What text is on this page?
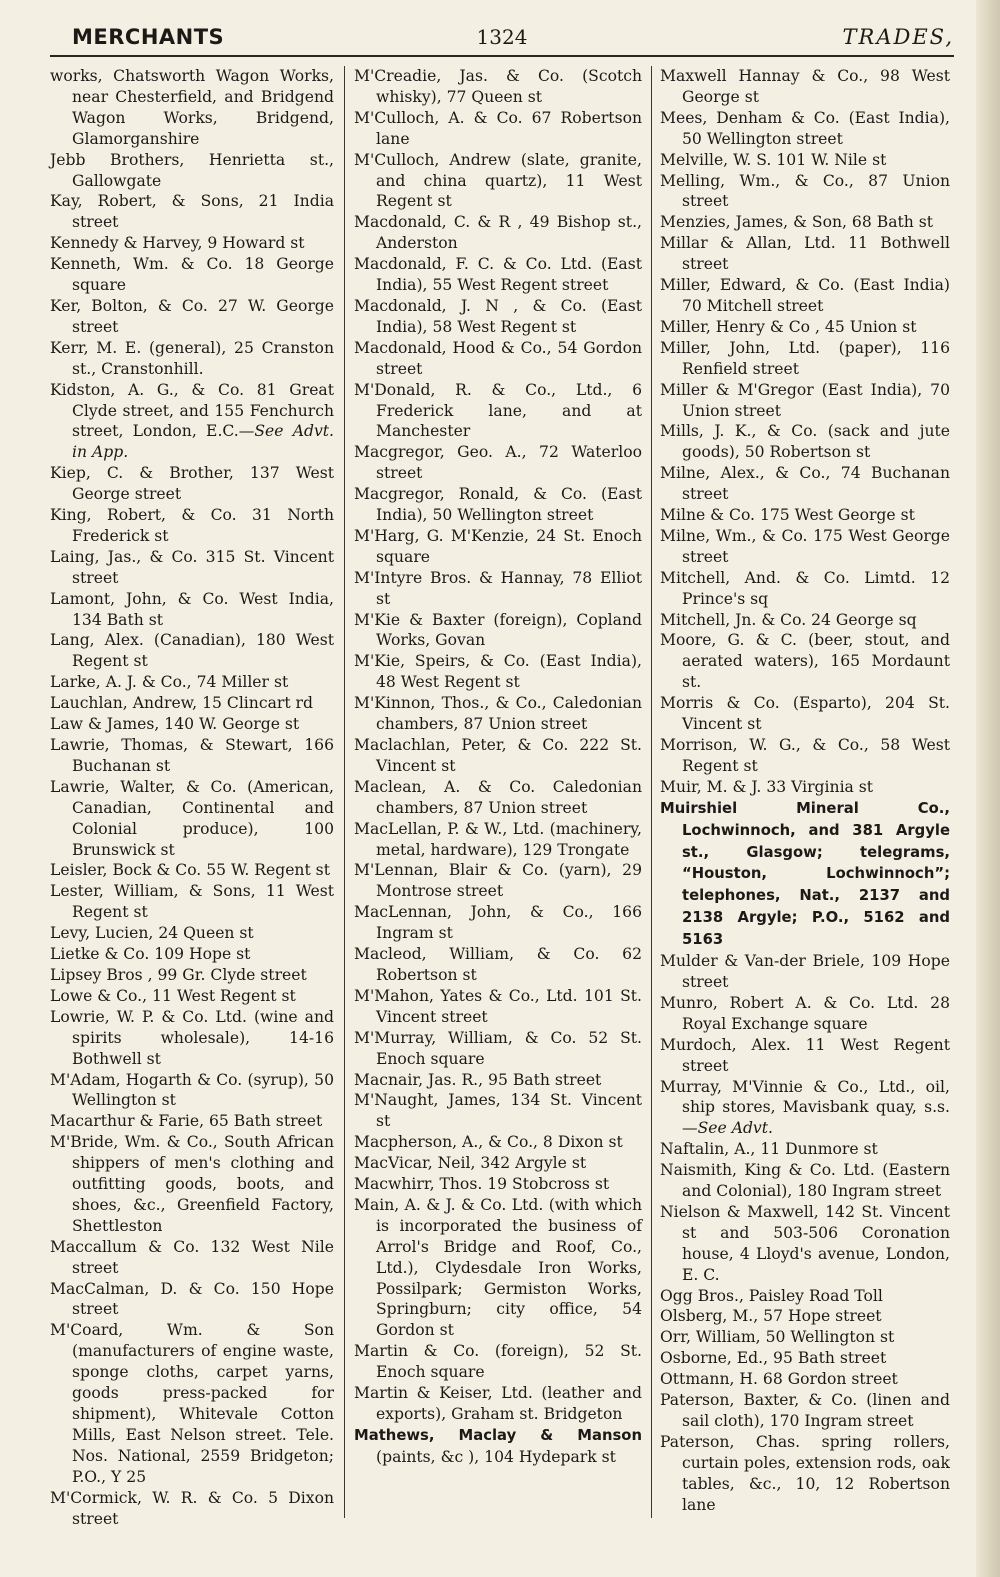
MERCHANTS	1324	TRADES,
works, Chatsworth Wagon Works, near Chesterfield, and Bridgend Wagon Works, Bridgend, Glamorganshire
Jebb Brothers, Henrietta st., Gallowgate
Kay, Robert, & Sons, 21 India street
Kennedy & Harvey, 9 Howard st
Kenneth, Wm. & Co. 18 George square
Ker, Bolton, & Co. 27 W. George street
Kerr, M. E. (general), 25 Cranston st., Cranstonhill.
Kidston, A. G., & Co. 81 Great Clyde street, and 155 Fenchurch street, London, E.C.—See Advt. in App.
Kiep, C. & Brother, 137 West George street
King, Robert, & Co. 31 North Frederick st
Laing, Jas., & Co. 315 St. Vincent street
Lamont, John, & Co. West India, 134 Bath st
Lang, Alex. (Canadian), 180 West Regent st
Larke, A. J. & Co., 74 Miller st
Lauchlan, Andrew, 15 Clincart rd
Law & James, 140 W. George st
Lawrie, Thomas, & Stewart, 166 Buchanan st
Lawrie, Walter, & Co. (American, Canadian, Continental and Colonial produce), 100 Brunswick st
Leisler, Bock & Co. 55 W. Regent st
Lester, William, & Sons, 11 West Regent st
Levy, Lucien, 24 Queen st
Lietke & Co. 109 Hope st
Lipsey Bros , 99 Gr. Clyde street
Lowe & Co., 11 West Regent st
Lowrie, W. P. & Co. Ltd. (wine and spirits wholesale), 14-16 Bothwell st
M'Adam, Hogarth & Co. (syrup), 50 Wellington st
Macarthur & Farie, 65 Bath street
M'Bride, Wm. & Co., South African shippers of men's clothing and outfitting goods, boots, and shoes, &c., Greenfield Factory, Shettleston
Maccallum & Co. 132 West Nile street
MacCalman, D. & Co. 150 Hope street
M'Coard, Wm. & Son (manufacturers of engine waste, sponge cloths, carpet yarns, goods press-packed for shipment), Whitevale Cotton Mills, East Nelson street. Tele. Nos. National, 2559 Bridgeton; P.O., Y 25
M'Cormick, W. R. & Co. 5 Dixon street
M'Creadie, Jas. & Co. (Scotch whisky), 77 Queen st
M'Culloch, A. & Co. 67 Robertson lane
M'Culloch, Andrew (slate, granite, and china quartz), 11 West Regent st
Macdonald, C. & R , 49 Bishop st., Anderston
Macdonald, F. C. & Co. Ltd. (East India), 55 West Regent street
Macdonald, J. N , & Co. (East India), 58 West Regent st
Macdonald, Hood & Co., 54 Gordon street
M'Donald, R. & Co., Ltd., 6 Frederick lane, and at Manchester
Macgregor, Geo. A., 72 Waterloo street
Macgregor, Ronald, & Co. (East India), 50 Wellington street
M'Harg, G. M'Kenzie, 24 St. Enoch square
M'Intyre Bros. & Hannay, 78 Elliot st
M'Kie & Baxter (foreign), Copland Works, Govan
M'Kie, Speirs, & Co. (East India), 48 West Regent st
M'Kinnon, Thos., & Co., Caledonian chambers, 87 Union street
Maclachlan, Peter, & Co. 222 St. Vincent st
Maclean, A. & Co. Caledonian chambers, 87 Union street
MacLellan, P. & W., Ltd. (machinery, metal, hardware), 129 Trongate
M'Lennan, Blair & Co. (yarn), 29 Montrose street
MacLennan, John, & Co., 166 Ingram st
Macleod, William, & Co. 62 Robertson st
M'Mahon, Yates & Co., Ltd. 101 St. Vincent street
M'Murray, William, & Co. 52 St. Enoch square
Macnair, Jas. R., 95 Bath street
M'Naught, James, 134 St. Vincent st
Macpherson, A., & Co., 8 Dixon st
MacVicar, Neil, 342 Argyle st
Macwhirr, Thos. 19 Stobcross st
Main, A. & J. & Co. Ltd. (with which is incorporated the business of Arrol's Bridge and Roof, Co., Ltd.), Clydesdale Iron Works, Possilpark; Germiston Works, Springburn; city office, 54 Gordon st
Martin & Co. (foreign), 52 St. Enoch square
Martin & Keiser, Ltd. (leather and exports), Graham st. Bridgeton
Mathews, Maclay & Manson (paints, &c ), 104 Hydepark st
Maxwell Hannay & Co., 98 West George st
Mees, Denham & Co. (East India), 50 Wellington street
Melville, W. S. 101 W. Nile st
Melling, Wm., & Co., 87 Union street
Menzies, James, & Son, 68 Bath st
Millar & Allan, Ltd. 11 Bothwell street
Miller, Edward, & Co. (East India) 70 Mitchell street
Miller, Henry & Co , 45 Union st
Miller, John, Ltd. (paper), 116 Renfield street
Miller & M'Gregor (East India), 70 Union street
Mills, J. K., & Co. (sack and jute goods), 50 Robertson st
Milne, Alex., & Co., 74 Buchanan street
Milne & Co. 175 West George st
Milne, Wm., & Co. 175 West George street
Mitchell, And. & Co. Limtd. 12 Prince's sq
Mitchell, Jn. & Co. 24 George sq
Moore, G. & C. (beer, stout, and aerated waters), 165 Mordaunt st.
Morris & Co. (Esparto), 204 St. Vincent st
Morrison, W. G., & Co., 58 West Regent st
Muir, M. & J. 33 Virginia st
Muirshiel Mineral Co., Lochwinnoch, and 381 Argyle st., Glasgow; telegrams, “Houston, Lochwinnoch”; telephones, Nat., 2137 and 2138 Argyle; P.O., 5162 and 5163
Mulder & Van-der Briele, 109 Hope street
Munro, Robert A. & Co. Ltd. 28 Royal Exchange square
Murdoch, Alex. 11 West Regent street
Murray, M'Vinnie & Co., Ltd., oil, ship stores, Mavisbank quay, s.s.—See Advt.
Naftalin, A., 11 Dunmore st
Naismith, King & Co. Ltd. (Eastern and Colonial), 180 Ingram street
Nielson & Maxwell, 142 St. Vincent st and 503-506 Coronation house, 4 Lloyd's avenue, London, E. C.
Ogg Bros., Paisley Road Toll
Olsberg, M., 57 Hope street
Orr, William, 50 Wellington st
Osborne, Ed., 95 Bath street
Ottmann, H. 68 Gordon street
Paterson, Baxter, & Co. (linen and sail cloth), 170 Ingram street
Paterson, Chas. spring rollers, curtain poles, extension rods, oak tables, &c., 10, 12 Robertson lane
